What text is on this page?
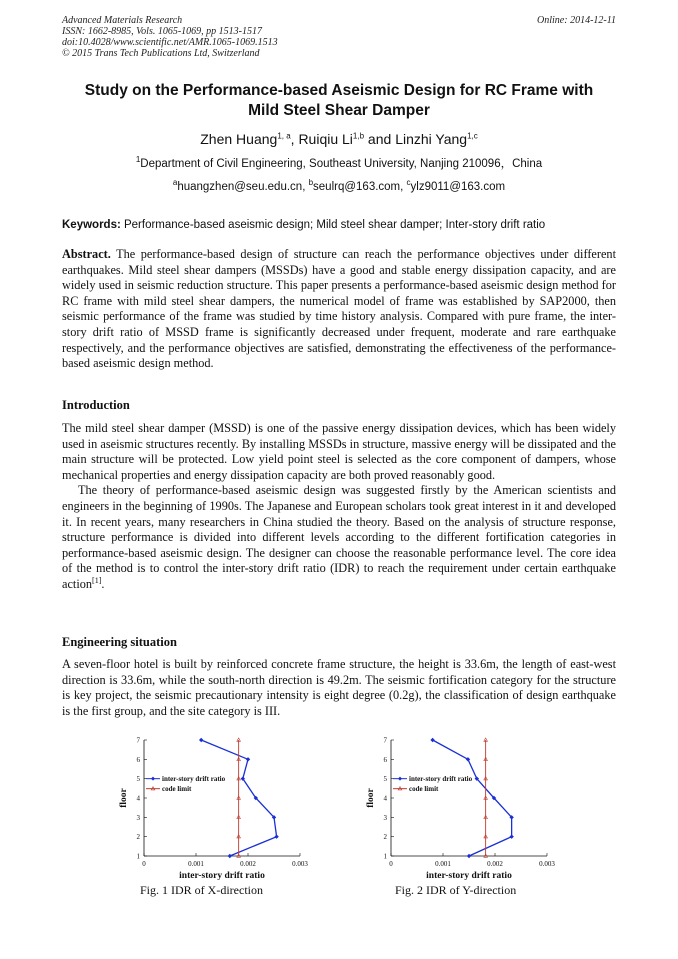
Advanced Materials Research
ISSN: 1662-8985, Vols. 1065-1069, pp 1513-1517
doi:10.4028/www.scientific.net/AMR.1065-1069.1513
© 2015 Trans Tech Publications Ltd, Switzerland
Online: 2014-12-11
Study on the Performance-based Aseismic Design for RC Frame with
Mild Steel Shear Damper
Zhen Huang$^{1, a}$, Ruiqiu Li$^{1,b}$ and Linzhi Yang$^{1,c}$
$^1$Department of Civil Engineering, Southeast University, Nanjing 210096，China
$^a$huangzhen@seu.edu.cn, $^b$seulrq@163.com, $^c$ylz9011@163.com
Keywords: Performance-based aseismic design; Mild steel shear damper; Inter-story drift ratio

Abstract. The performance-based design of structure can reach the performance objectives under different earthquakes. Mild steel shear dampers (MSSDs) have a good and stable energy dissipation capacity, and are widely used in seismic reduction structure. This paper presents a performance-based aseismic design method for RC frame with mild steel shear dampers, the numerical model of frame was established by SAP2000, then seismic performance of the frame was studied by time history analysis. Compared with pure frame, the inter-story drift ratio of MSSD frame is significantly decreased under frequent, moderate and rare earthquake respectively, and the performance objectives are satisfied, demonstrating the effectiveness of the performance-based aseismic design method.

Introduction

The mild steel shear damper (MSSD) is one of the passive energy dissipation devices, which has been widely used in aseismic structures recently. By installing MSSDs in structure, massive energy will be dissipated and the main structure will be protected. Low yield point steel is selected as the core component of dampers, whose mechanical properties and energy dissipation capacity are both proved reasonably good.

The theory of performance-based aseismic design was suggested firstly by the American scientists and engineers in the beginning of 1990s. The Japanese and European scholars took great interest in it and developed it. In recent years, many researchers in China studied the theory. Based on the analysis of structure response, structure performance is divided into different levels according to the different fortification categories in performance-based aseismic design. The designer can choose the reasonable performance level. The core idea of the method is to control the inter-story drift ratio (IDR) to reach the requirement under certain earthquake action[1].

Engineering situation

A seven-floor hotel is built by reinforced concrete frame structure, the height is 33.6m, the length of east-west direction is 33.6m, while the south-north direction is 49.2m. The seismic fortification category for the structure is key project, the seismic precautionary intensity is eight degree (0.2g), the classification of design earthquake is the first group, and the site category is III.

1
2
3
4
5
6
7
0	0.001	0.002	0.003
inter-story drift ratio
floor
inter-story drift ratio
code limit
1
2
3
4
5
6
7
0	0.001	0.002	0.003
inter-story drift ratio
floor
inter-story drift ratio
code limit
Fig. 1 IDR of X-direction	Fig. 2 IDR of Y-direction
